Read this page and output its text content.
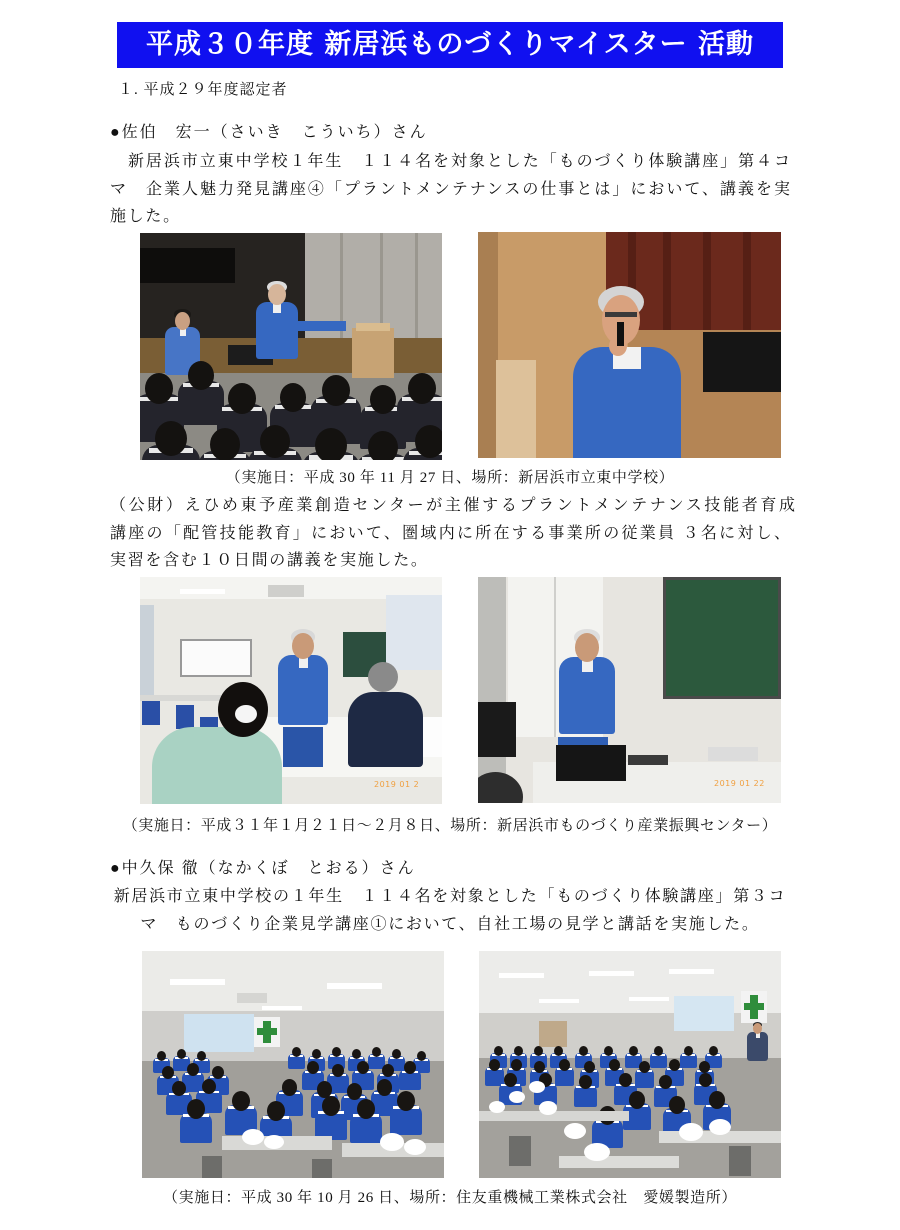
平成３０年度 新居浜ものづくりマイスター 活動
１. 平成２９年度認定者
●佐伯　宏一（さいき　こういち）さん
　新居浜市立東中学校１年生　１１４名を対象とした「ものづくり体験講座」第４コ
マ　企業人魅力発見講座④「プラントメンテナンスの仕事とは」において、講義を実
施した。
（実施日：平成 30 年 11 月 27 日、場所：新居浜市立東中学校）
（公財）えひめ東予産業創造センターが主催するプラントメンテナンス技能者育成
講座の「配管技能教育」において、圏域内に所在する事業所の従業員 ３名に対し、
実習を含む１０日間の講義を実施した。
2019 01 2	2019 01 22
（実施日：平成３１年１月２１日～２月８日、場所：新居浜市ものづくり産業振興センター）
●中久保 徹（なかくぼ　とおる）さん
新居浜市立東中学校の１年生　１１４名を対象とした「ものづくり体験講座」第３コ
マ　ものづくり企業見学講座①において、自社工場の見学と講話を実施した。
（実施日：平成 30 年 10 月 26 日、場所：住友重機械工業株式会社　愛媛製造所）
